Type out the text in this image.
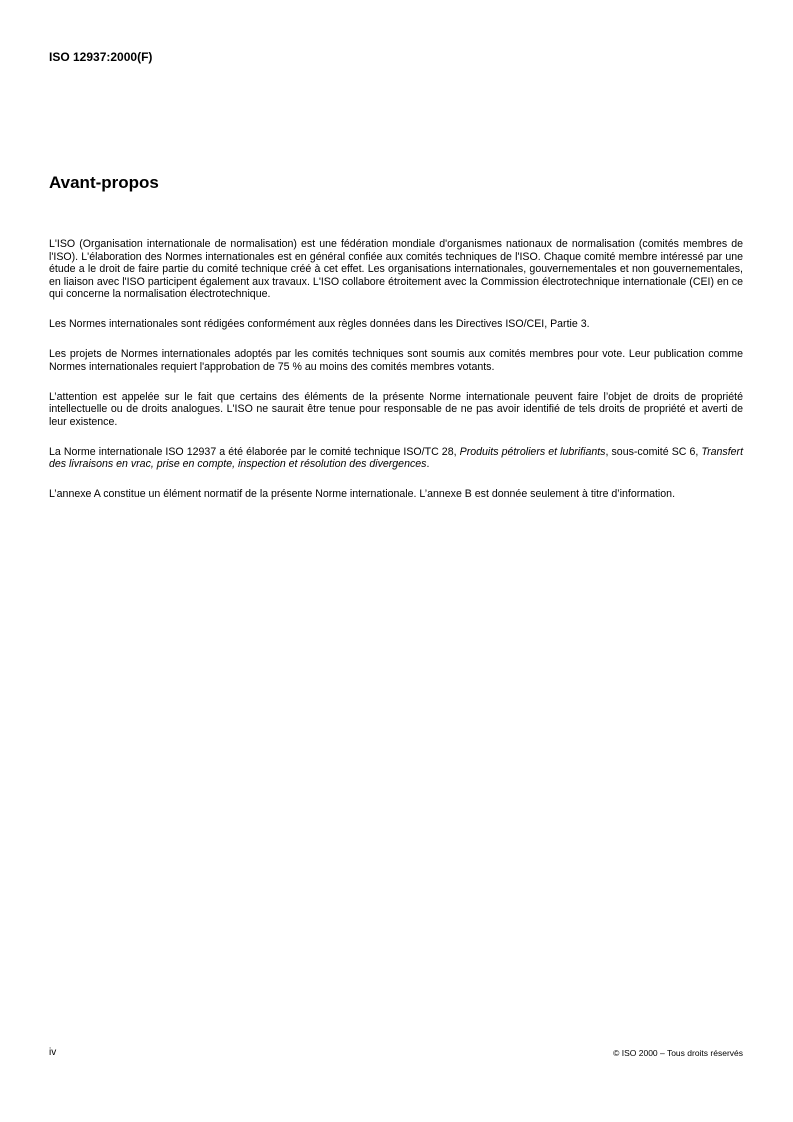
ISO 12937:2000(F)
Avant-propos

L'ISO (Organisation internationale de normalisation) est une fédération mondiale d'organismes nationaux de normalisation (comités membres de l'ISO). L'élaboration des Normes internationales est en général confiée aux comités techniques de l'ISO. Chaque comité membre intéressé par une étude a le droit de faire partie du comité technique créé à cet effet. Les organisations internationales, gouvernementales et non gouvernementales, en liaison avec l'ISO participent également aux travaux. L'ISO collabore étroitement avec la Commission électrotechnique internationale (CEI) en ce qui concerne la normalisation électrotechnique.

Les Normes internationales sont rédigées conformément aux règles données dans les Directives ISO/CEI, Partie 3.

Les projets de Normes internationales adoptés par les comités techniques sont soumis aux comités membres pour vote. Leur publication comme Normes internationales requiert l'approbation de 75 % au moins des comités membres votants.

L’attention est appelée sur le fait que certains des éléments de la présente Norme internationale peuvent faire l’objet de droits de propriété intellectuelle ou de droits analogues. L'ISO ne saurait être tenue pour responsable de ne pas avoir identifié de tels droits de propriété et averti de leur existence.

La Norme internationale ISO 12937 a été élaborée par le comité technique ISO/TC 28, Produits pétroliers et lubrifiants, sous-comité SC 6, Transfert des livraisons en vrac, prise en compte, inspection et résolution des divergences.

L’annexe A constitue un élément normatif de la présente Norme internationale. L’annexe B est donnée seulement à titre d’information.

iv	© ISO 2000 – Tous droits réservés
